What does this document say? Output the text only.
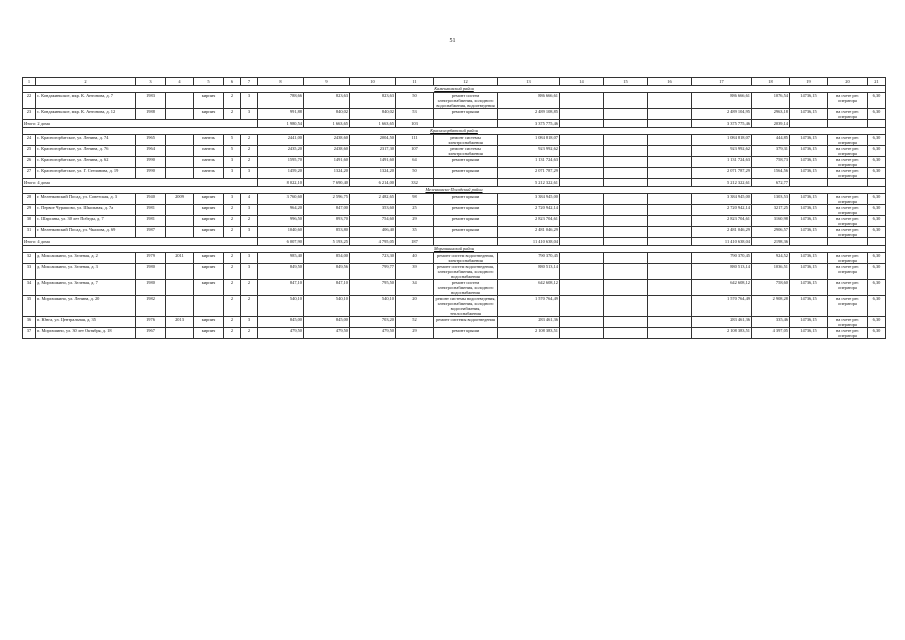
51
1	2	3	4	5	6	7	8	9	10	11	12	13	14	15	16	17	18	19	20	21
Камешковский район																				
22	с. Кондакиньское, мкр. К. Антонова, д. 7	1983		кирпич	2	3	788,66	823,63	823,63	50	ремонт систем электроснабжения, холодного водоснабжения, водоотведения	886 666,61				886 666,61	1076,54	14736,15	на счете рег. оператора	6,30
23	с. Кондакиньское, мкр. К. Антонова, д. 12	1988		кирпич	2	3	991,88	840,02	840,02	53	ремонт крыши	2 489 108,85				2 489 104,95	2963,18	14736,15	на счете рег. оператора	6,30
Итого: 2 дома							1 980,54	1 663,65	1 663,65	103		3 375 775,46				3 375 775,46	2039,14			
Красногорбатский район																				
24	с. Красногорбатское, ул. Ленина, д. 74	1965		панель	5	2	2441,00	2438,60	2004,50	111	ремонт системы электроснабжения	1 084 818,07				1 084 818,07	444,85	14736,15	на счете рег. оператора	6,30
25	с. Красногорбатское, ул. Ленина, д. 76	1964		панель	5	2	2435,20	2438,60	2317,30	107	ремонт системы электроснабжения	923 992,62				923 992,62	379,31	14736,15	на счете рег. оператора	6,30
26	с. Красногорбатское, ул. Ленина, д. 62	1990		панель	3	2	1595,70	1491,60	1491,60	64	ремонт крыши	1 131 724,63				1 131 724,63	758,73	14736,15	на счете рег. оператора	6,30
27	с. Красногорбатское, ул. Г. Степанова, д. 19	1990		панель	3	3	1459,20	1324,20	1324,20	50	ремонт крыши	2 071 787,29				2 071 787,29	1564,56	14736,15	на счете рег. оператора	6,30
Итого: 4 дома							8 022,10	7 690,40	6 214,00	332		5 212 322,61				5 212 322,61	672,77			
Меленковско-Посадский район																				
28	г. Меленковский Посад, ул. Советская, д. 3	1940	2009	кирпич	3	4	3 760,60	2 596,75	2 482,65	98	ремонт крыши	3 384 945,00				3 384 945,00	1303,53	14736,15	на счете рег. оператора	6,30
29	с. Первое Чурашово, ул. Школьная, д. 7а	1981		кирпич	2	3	964,20	847,00	353,60	25	ремонт крыши	2 720 942,14				2 720 942,14	3217,25	14736,15	на счете рег. оператора	6,30
30	с. Шарсаны, ул. 30 лет Победы, д. 7	1981		кирпич	2	2	996,50	893,70	754,60	29	ремонт крыши	2 823 704,61				2 823 704,61	3160,98	14736,15	на счете рег. оператора	6,30
31	г. Меленковский Посад, ул. Чкалова, д. 69	1987		кирпич	2	3	1040,60	853,80	406,40	35	ремонт крыши	2 481 046,29				2 481 046,29	2906,57	14736,15	на счете рег. оператора	6,30
Итого: 4 дома							6 007,90	5 193,25	4 795,05	187		11 410 638,04				11 410 638,04	2198,36			
Моргашинский район																				
32	д. Моксашкино, ул. Зеленая, д. 2	1979	2011	кирпич	2	3	985,40	854,00	723,30	40	ремонт систем водоотведения, электроснабжения	790 370,45				790 370,45	924,52	14736,15	на счете рег. оператора	6,30
33	д. Моксашкино, ул. Зеленая, д. 3	1980		кирпич	2	3	849,50	849,56	799,77	39	ремонт систем водоотведения, электроснабжения, холодного водоснабжения	880 513,14				880 513,14	1036,51	14736,15	на счете рег. оператора	6,30
34	д. Моргашкино, ул. Зеленая, д. 7	1980		кирпич	2	2	847,10	847,10	795,50	34	ремонт систем электроснабжения, холодного водоснабжения	642 608,12				642 608,12	758,60	14736,15	на счете рег. оператора	6,30
35	п. Моргашкино, ул. Ленина, д. 20	1982			2	2	540,10	540,10	540,10	20	ремонт системы водоотведения, электроснабжения, холодного водоснабжения, теплоснабжения	1 570 764,49				1 570 764,49	2 908,28	14736,15	на счете рег. оператора	6,30
36	п. Юнга, ул. Центральная, д. 35	1976	2013	кирпич	2	3	845,00	845,00	703,20	52	ремонт системы водоотведения	283 461,36				283 461,36	335,46	14736,15	на счете рег. оператора	6,30
37	п. Моргашино, ул. 30 лет Октября, д. 18	1967		кирпич	2	2	479,50	479,50	479,50	29	ремонт крыши	2 108 383,51				2 108 383,51	4 397,05	14736,15	на счете рег. оператора	6,30
